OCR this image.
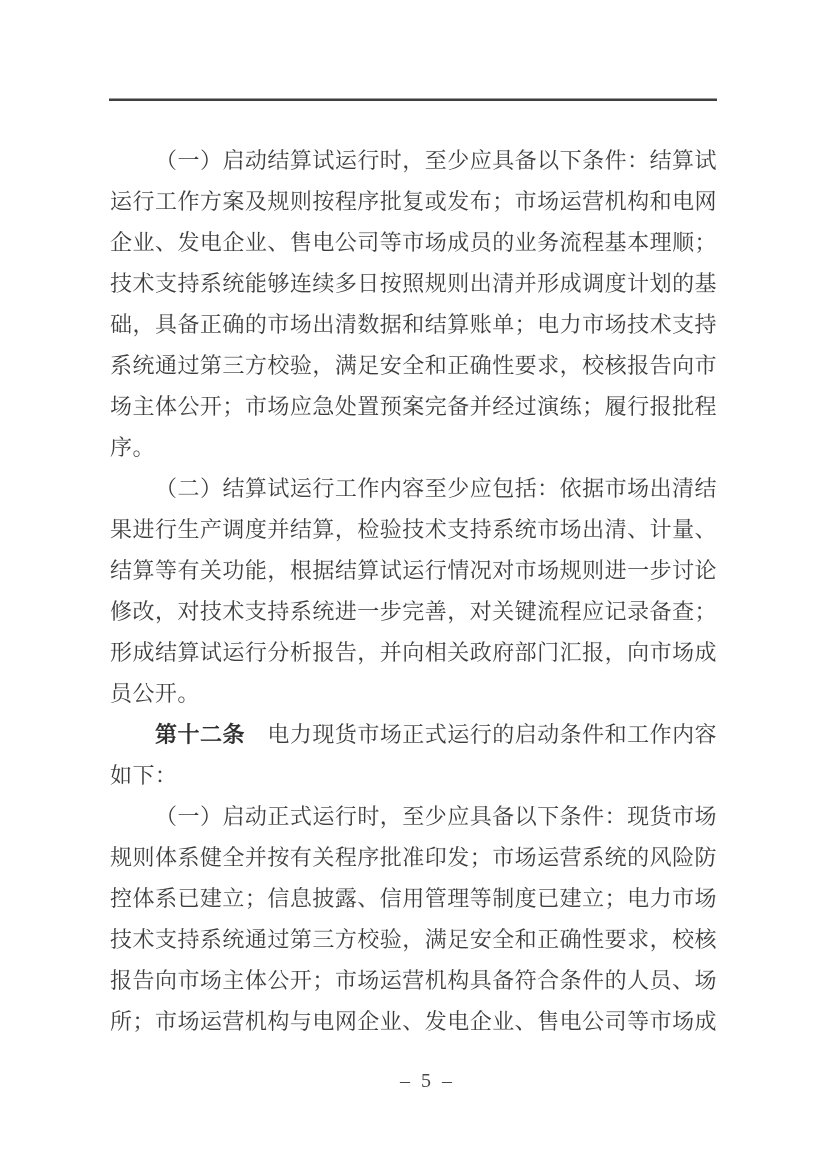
（一）启动结算试运行时，至少应具备以下条件：结算试
运行工作方案及规则按程序批复或发布；市场运营机构和电网
企业、发电企业、售电公司等市场成员的业务流程基本理顺；
技术支持系统能够连续多日按照规则出清并形成调度计划的基
础，具备正确的市场出清数据和结算账单；电力市场技术支持
系统通过第三方校验，满足安全和正确性要求，校核报告向市
场主体公开；市场应急处置预案完备并经过演练；履行报批程
序。
（二）结算试运行工作内容至少应包括：依据市场出清结
果进行生产调度并结算，检验技术支持系统市场出清、计量、
结算等有关功能，根据结算试运行情况对市场规则进一步讨论
修改，对技术支持系统进一步完善，对关键流程应记录备查；
形成结算试运行分析报告，并向相关政府部门汇报，向市场成
员公开。
第十二条　电力现货市场正式运行的启动条件和工作内容
如下：
（一）启动正式运行时，至少应具备以下条件：现货市场
规则体系健全并按有关程序批准印发；市场运营系统的风险防
控体系已建立；信息披露、信用管理等制度已建立；电力市场
技术支持系统通过第三方校验，满足安全和正确性要求，校核
报告向市场主体公开；市场运营机构具备符合条件的人员、场
所；市场运营机构与电网企业、发电企业、售电公司等市场成
– 5 –
